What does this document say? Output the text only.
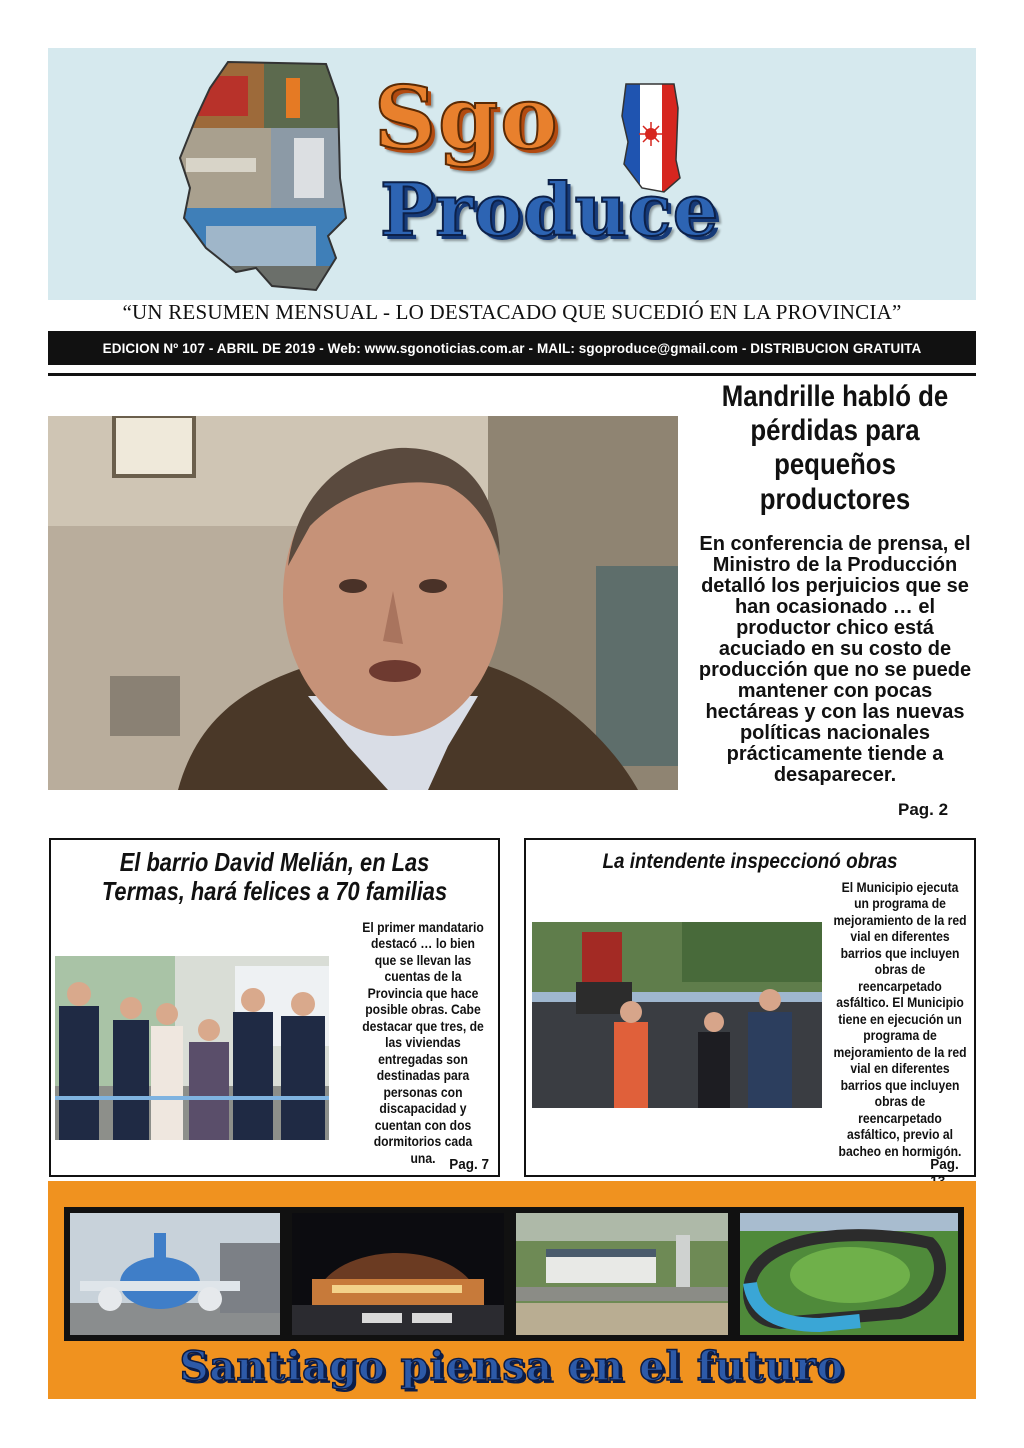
Sgo
Produce
“UN RESUMEN MENSUAL - LO DESTACADO QUE SUCEDIÓ EN LA PROVINCIA”
EDICION Nº 107 - ABRIL DE 2019 - Web: www.sgonoticias.com.ar - MAIL: sgoproduce@gmail.com - DISTRIBUCION GRATUITA
Mandrille habló de pérdidas para pequeños productores
En conferencia de prensa, el Ministro de la Producción detalló los perjuicios que se han ocasionado … el productor chico está acuciado en su costo de producción que no se puede mantener con pocas hectáreas y con las nuevas políticas nacionales prácticamente tiende a desaparecer.
Pag. 2
El barrio David Melián, en Las Termas, hará felices a 70 familias
El primer mandatario destacó … lo bien que se llevan las cuentas de la Provincia que hace posible obras. Cabe destacar que tres, de las viviendas entregadas son destinadas para personas con discapacidad y cuentan con dos dormitorios cada una. Pag. 7
La intendente inspeccionó obras
El Municipio ejecuta un programa de mejoramiento de la red vial en diferentes barrios que incluyen obras de reencarpetado asfáltico. El Municipio tiene en ejecución un programa de mejoramiento de la red vial en diferentes barrios que incluyen obras de reencarpetado asfáltico, previo al bacheo en hormigón.
Pag.
Santiago piensa en el futuro
